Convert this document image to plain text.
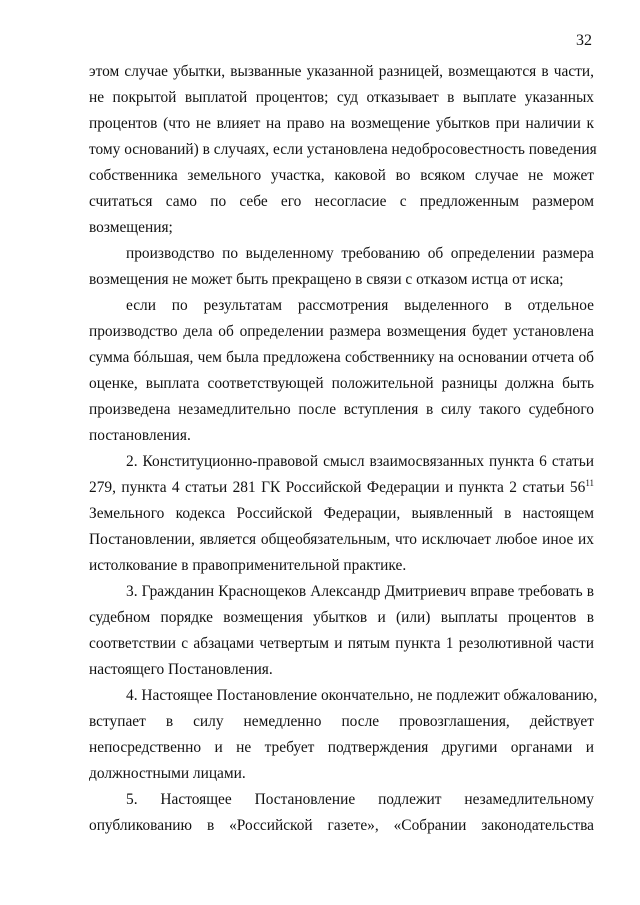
32
этом случае убытки, вызванные указанной разницей, возмещаются в части,
не покрытой выплатой процентов; суд отказывает в выплате указанных
процентов (что не влияет на право на возмещение убытков при наличии к
тому оснований) в случаях, если установлена недобросовестность поведения
собственника земельного участка, каковой во всяком случае не может
считаться само по себе его несогласие с предложенным размером
возмещения;
производство по выделенному требованию об определении размера
возмещения не может быть прекращено в связи с отказом истца от иска;
если по результатам рассмотрения выделенного в отдельное
производство дела об определении размера возмещения будет установлена
сумма бóльшая, чем была предложена собственнику на основании отчета об
оценке, выплата соответствующей положительной разницы должна быть
произведена незамедлительно после вступления в силу такого судебного
постановления.
2. Конституционно-правовой смысл взаимосвязанных пункта 6 статьи
279, пункта 4 статьи 281 ГК Российской Федерации и пункта 2 статьи $56^{11}$
Земельного кодекса Российской Федерации, выявленный в настоящем
Постановлении, является общеобязательным, что исключает любое иное их
истолкование в правоприменительной практике.
3. Гражданин Краснощеков Александр Дмитриевич вправе требовать в
судебном порядке возмещения убытков и (или) выплаты процентов в
соответствии с абзацами четвертым и пятым пункта 1 резолютивной части
настоящего Постановления.
4. Настоящее Постановление окончательно, не подлежит обжалованию,
вступает в силу немедленно после провозглашения, действует
непосредственно и не требует подтверждения другими органами и
должностными лицами.
5. Настоящее Постановление подлежит незамедлительному
опубликованию в «Российской газете», «Собрании законодательства
